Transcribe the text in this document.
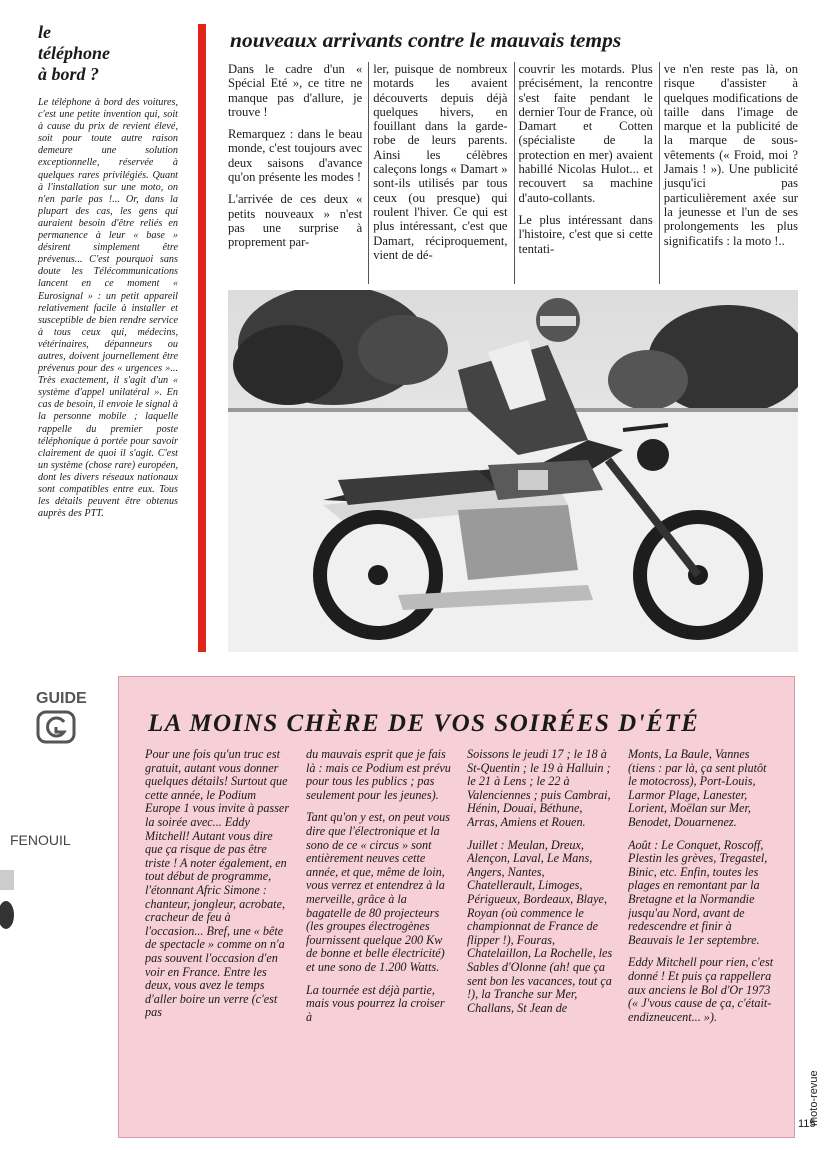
le
téléphone
à bord ?

Le téléphone à bord des voitures, c'est une petite invention qui, soit à cause du prix de revient élevé, soit pour toute autre raison demeure une solution exceptionnelle, réservée à quelques rares privilégiés. Quant à l'installation sur une moto, on n'en parle pas !... Or, dans la plupart des cas, les gens qui auraient besoin d'être reliés en permanence à leur « base » désirent simplement être prévenus... C'est pourquoi sans doute les Télécommunications lancent en ce moment « Eurosignal » : un petit appareil relativement facile à installer et susceptible de bien rendre service à tous ceux qui, médecins, vétérinaires, dépanneurs ou autres, doivent journellement être prévenus pour des « urgences »... Très exactement, il s'agit d'un « système d'appel unilatéral ». En cas de besoin, il envoie le signal à la personne mobile ; laquelle rappelle du premier poste téléphonique à portée pour savoir clairement de quoi il s'agit. C'est un système (chose rare) européen, dont les divers réseaux nationaux sont compatibles entre eux. Tous les détails peuvent être obtenus auprès des PTT.

nouveaux arrivants contre le mauvais temps

Dans le cadre d'un « Spécial Eté », ce titre ne manque pas d'allure, je trouve !

Remarquez : dans le beau monde, c'est toujours avec deux saisons d'avance qu'on présente les modes !

L'arrivée de ces deux « petits nouveaux » n'est pas une surprise à proprement par-

ler, puisque de nombreux motards les avaient découverts depuis déjà quelques hivers, en fouillant dans la garde-robe de leurs parents. Ainsi les célèbres caleçons longs « Damart » sont-ils utilisés par tous ceux (ou presque) qui roulent l'hiver. Ce qui est plus intéressant, c'est que Damart, réciproquement, vient de dé-

couvrir les motards. Plus précisément, la rencontre s'est faite pendant le dernier Tour de France, où Damart et Cotten (spécialiste de la protection en mer) avaient habillé Nicolas Hulot... et recouvert sa machine d'auto-collants.

Le plus intéressant dans l'histoire, c'est que si cette tentati-

ve n'en reste pas là, on risque d'assister à quelques modifications de taille dans l'image de marque et la publicité de la marque de sous-vêtements (« Froid, moi ? Jamais ! »). Une publicité jusqu'ici pas particulièrement axée sur la jeunesse et l'un de ses prolongements les plus significatifs : la moto !..

GUIDE

FENOUIL

LA MOINS CHÈRE DE VOS SOIRÉES D'ÉTÉ

Pour une fois qu'un truc est gratuit, autant vous donner quelques détails! Surtout que cette année, le Podium Europe 1 vous invite à passer la soirée avec... Eddy Mitchell! Autant vous dire que ça risque de pas être triste ! A noter également, en tout début de programme, l'étonnant Afric Simone : chanteur, jongleur, acrobate, cracheur de feu à l'occasion... Bref, une « bête de spectacle » comme on n'a pas souvent l'occasion d'en voir en France. Entre les deux, vous avez le temps d'aller boire un verre (c'est pas

du mauvais esprit que je fais là : mais ce Podium est prévu pour tous les publics ; pas seulement pour les jeunes).

Tant qu'on y est, on peut vous dire que l'électronique et la sono de ce « circus » sont entièrement neuves cette année, et que, même de loin, vous verrez et entendrez à la merveille, grâce à la bagatelle de 80 projecteurs (les groupes électrogènes fournissent quelque 200 Kw de bonne et belle électricité) et une sono de 1.200 Watts.

La tournée est déjà partie, mais vous pourrez la croiser à

Soissons le jeudi 17 ; le 18 à St-Quentin ; le 19 à Halluin ; le 21 à Lens ; le 22 à Valenciennes ; puis Cambrai, Hénin, Douai, Béthune, Arras, Amiens et Rouen.

Juillet : Meulan, Dreux, Alençon, Laval, Le Mans, Angers, Nantes, Chatellerault, Limoges, Périgueux, Bordeaux, Blaye, Royan (où commence le championnat de France de flipper !), Fouras, Chatelaillon, La Rochelle, les Sables d'Olonne (ah! que ça sent bon les vacances, tout ça !), la Tranche sur Mer, Challans, St Jean de

Monts, La Baule, Vannes (tiens : par là, ça sent plutôt le motocross), Port-Louis, Larmor Plage, Lanester, Lorient, Moëlan sur Mer, Benodet, Douarnenez.

Août : Le Conquet, Roscoff, Plestin les grèves, Tregastel, Binic, etc. Enfin, toutes les plages en remontant par la Bretagne et la Normandie jusqu'au Nord, avant de redescendre et finir à Beauvais le 1er septembre.

Eddy Mitchell pour rien, c'est donné ! Et puis ça rappellera aux anciens le Bol d'Or 1973 (« J'vous cause de ça, c'était-endizneucent... »).

moto-revue

115
